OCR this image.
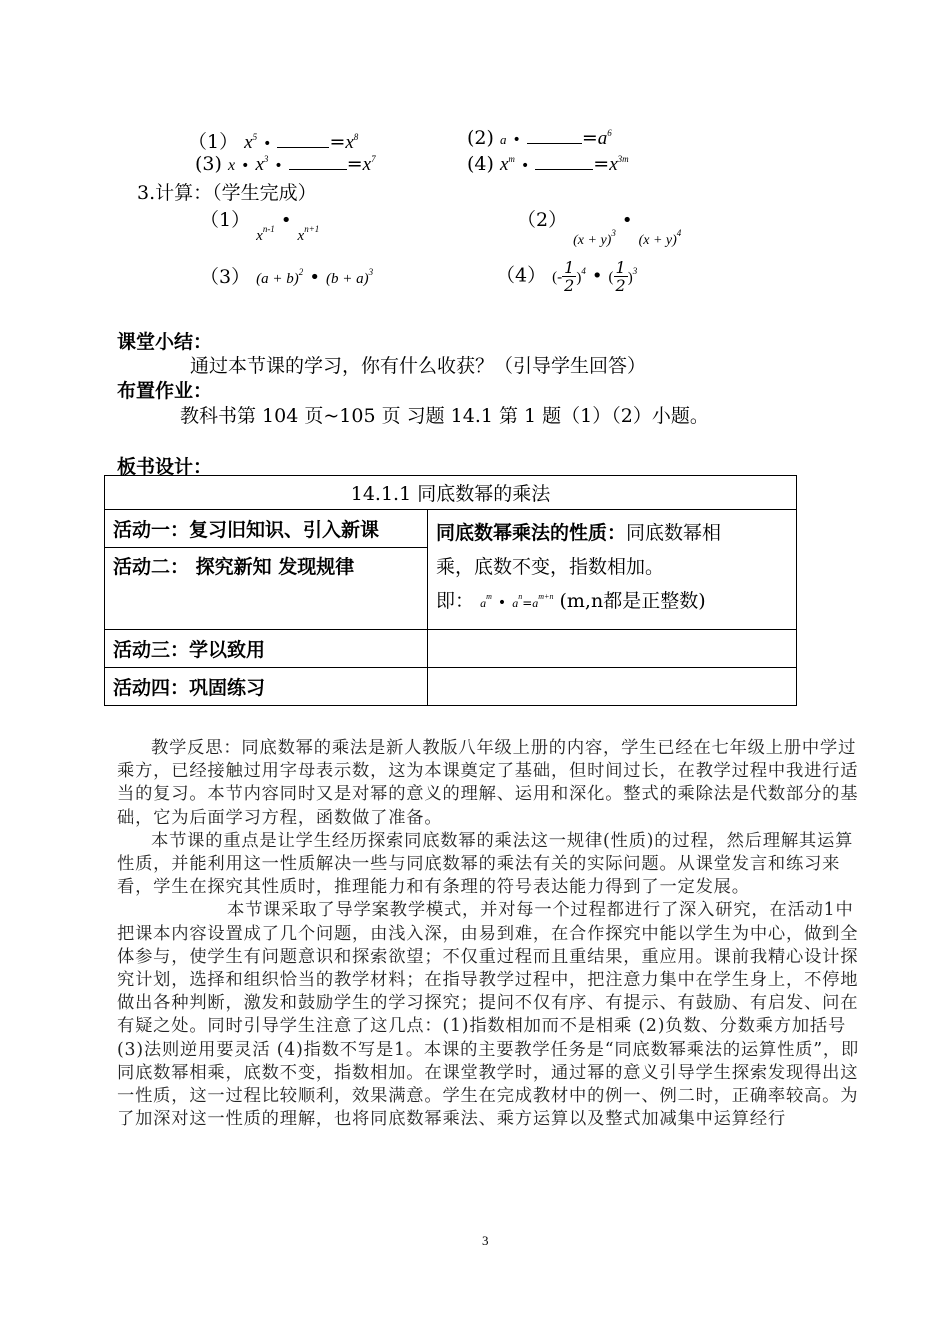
（1） $x^5$ •	$=x^8$	(2) a •	$=a^6$
(3) x • $x^3$ •	$=x^7$	(4) $x^m$ •	$=x^{3m}$
3.计算：（学生完成）
（1） $_{x^{n-1}}$ • $_{x^{n+1}}$	（2） $_{(x + y)^3}$ • $_{(x + y)^4}$
（3） $(a + b)^2$ • $(b + a)^3$	（4） (- $\frac{1}{2} )^4$ • ( $\frac{1}{2} )^3$
课堂小结：
通过本节课的学习，你有什么收获？（引导学生回答）
布置作业：
教科书第 104 页~105 页 习题 14.1 第 1 题（1）（2）小题。
板书设计：
14.1.1 同底数幂的乘法	
活动一：复习旧知识、引入新课	同底数幂乘法的性质：同底数幂相
乘，底数不变，指数相加。
即： $a^m$ • $a^n=a^{m+n}$ (m,n都是正整数)

活动二： 探究新知 发现规律	
活动三：学以致用	
活动四：巩固练习	

教学反思：同底数幂的乘法是新人教版八年级上册的内容，学生已经在七年级上册中学过乘方，已经接触过用字母表示数，这为本课奠定了基础，但时间过长，在教学过程中我进行适当的复习。本节内容同时又是对幂的意义的理解、运用和深化。整式的乘除法是代数部分的基础，它为后面学习方程，函数做了准备。

本节课的重点是让学生经历探索同底数幂的乘法这一规律(性质)的过程，然后理解其运算性质，并能利用这一性质解决一些与同底数幂的乘法有关的实际问题。从课堂发言和练习来看，学生在探究其性质时，推理能力和有条理的符号表达能力得到了一定发展。

本节课采取了导学案教学模式，并对每一个过程都进行了深入研究，在活动1中把课本内容设置成了几个问题，由浅入深，由易到难，在合作探究中能以学生为中心，做到全体参与，使学生有问题意识和探索欲望；不仅重过程而且重结果，重应用。课前我精心设计探究计划，选择和组织恰当的教学材料；在指导教学过程中，把注意力集中在学生身上，不停地做出各种判断，激发和鼓励学生的学习探究；提问不仅有序、有提示、有鼓励、有启发、问在有疑之处。同时引导学生注意了这几点：(1)指数相加而不是相乘 (2)负数、分数乘方加括号(3)法则逆用要灵活 (4)指数不写是1。本课的主要教学任务是“同底数幂乘法的运算性质”，即同底数幂相乘，底数不变，指数相加。在课堂教学时，通过幂的意义引导学生探索发现得出这一性质，这一过程比较顺利，效果满意。学生在完成教材中的例一、例二时，正确率较高。为了加深对这一性质的理解，也将同底数幂乘法、乘方运算以及整式加减集中运算经行

3
